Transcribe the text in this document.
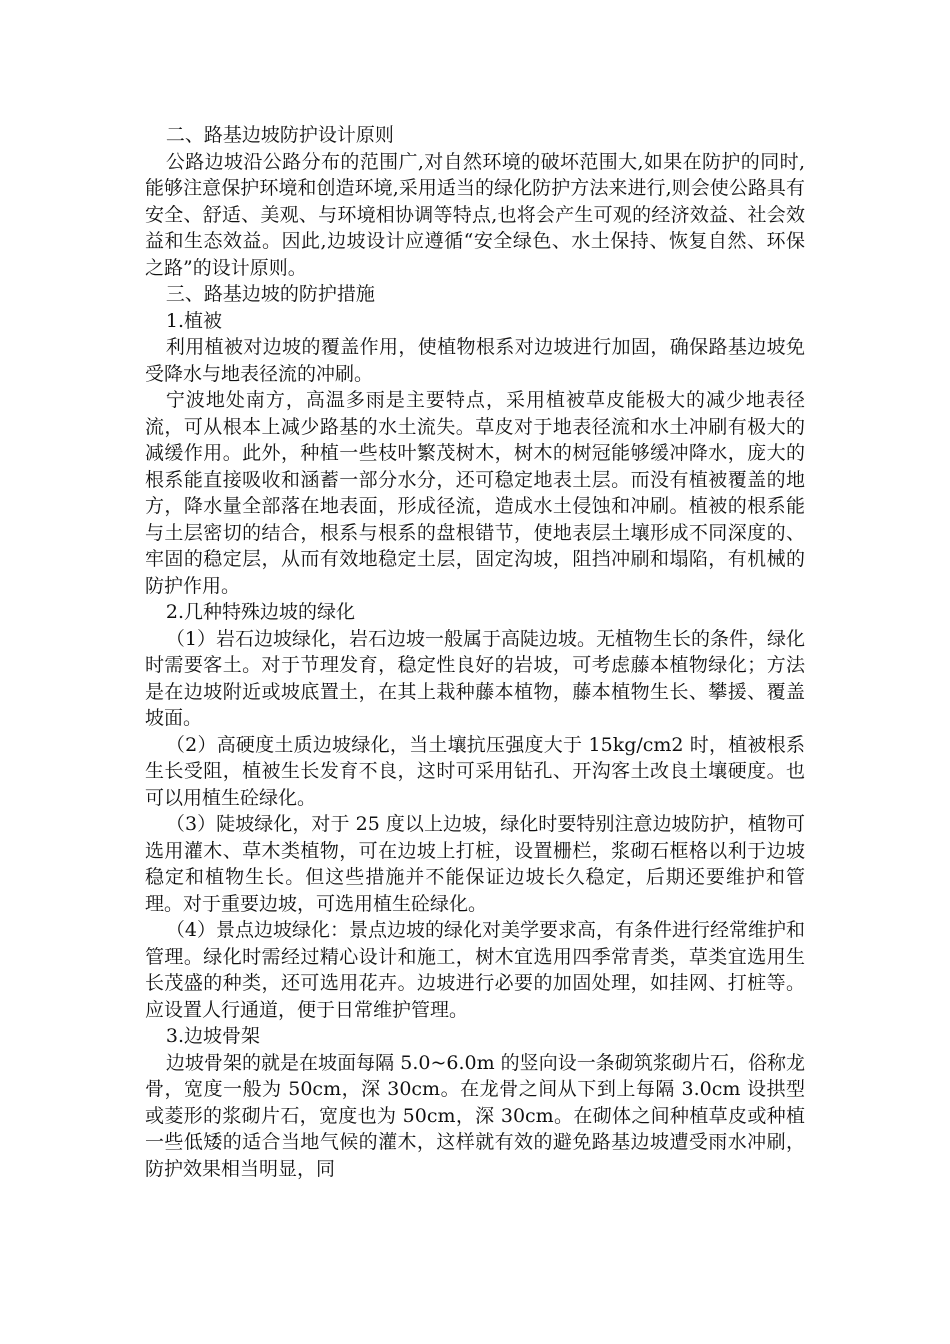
二、路基边坡防护设计原则

公路边坡沿公路分布的范围广,对自然环境的破坏范围大,如果在防护的同时,能够注意保护环境和创造环境,采用适当的绿化防护方法来进行,则会使公路具有安全、舒适、美观、与环境相协调等特点,也将会产生可观的经济效益、社会效益和生态效益。因此,边坡设计应遵循“安全绿色、水土保持、恢复自然、环保之路”的设计原则。

三、路基边坡的防护措施

1.植被

利用植被对边坡的覆盖作用，使植物根系对边坡进行加固，确保路基边坡免受降水与地表径流的冲刷。

宁波地处南方，高温多雨是主要特点，采用植被草皮能极大的减少地表径流，可从根本上减少路基的水土流失。草皮对于地表径流和水土冲刷有极大的减缓作用。此外，种植一些枝叶繁茂树木，树木的树冠能够缓冲降水，庞大的根系能直接吸收和涵蓄一部分水分，还可稳定地表土层。而没有植被覆盖的地方，降水量全部落在地表面，形成径流，造成水土侵蚀和冲刷。植被的根系能与土层密切的结合，根系与根系的盘根错节，使地表层土壤形成不同深度的、牢固的稳定层，从而有效地稳定土层，固定沟坡，阻挡冲刷和塌陷，有机械的防护作用。

2.几种特殊边坡的绿化

（1）岩石边坡绿化，岩石边坡一般属于高陡边坡。无植物生长的条件，绿化时需要客土。对于节理发育，稳定性良好的岩坡，可考虑藤本植物绿化；方法是在边坡附近或坡底置土，在其上栽种藤本植物，藤本植物生长、攀援、覆盖坡面。

（2）高硬度土质边坡绿化，当土壤抗压强度大于 15kg/cm2 时，植被根系生长受阻，植被生长发育不良，这时可采用钻孔、开沟客土改良土壤硬度。也可以用植生砼绿化。

（3）陡坡绿化，对于 25 度以上边坡，绿化时要特别注意边坡防护，植物可选用灌木、草木类植物，可在边坡上打桩，设置栅栏，浆砌石框格以利于边坡稳定和植物生长。但这些措施并不能保证边坡长久稳定，后期还要维护和管理。对于重要边坡，可选用植生砼绿化。

（4）景点边坡绿化：景点边坡的绿化对美学要求高，有条件进行经常维护和管理。绿化时需经过精心设计和施工，树木宜选用四季常青类，草类宜选用生长茂盛的种类，还可选用花卉。边坡进行必要的加固处理，如挂网、打桩等。应设置人行通道，便于日常维护管理。

3.边坡骨架

边坡骨架的就是在坡面每隔 5.0~6.0m 的竖向设一条砌筑浆砌片石，俗称龙骨，宽度一般为 50cm，深 30cm。在龙骨之间从下到上每隔 3.0cm 设拱型或菱形的浆砌片石，宽度也为 50cm，深 30cm。在砌体之间种植草皮或种植一些低矮的适合当地气候的灌木，这样就有效的避免路基边坡遭受雨水冲刷，防护效果相当明显，同
